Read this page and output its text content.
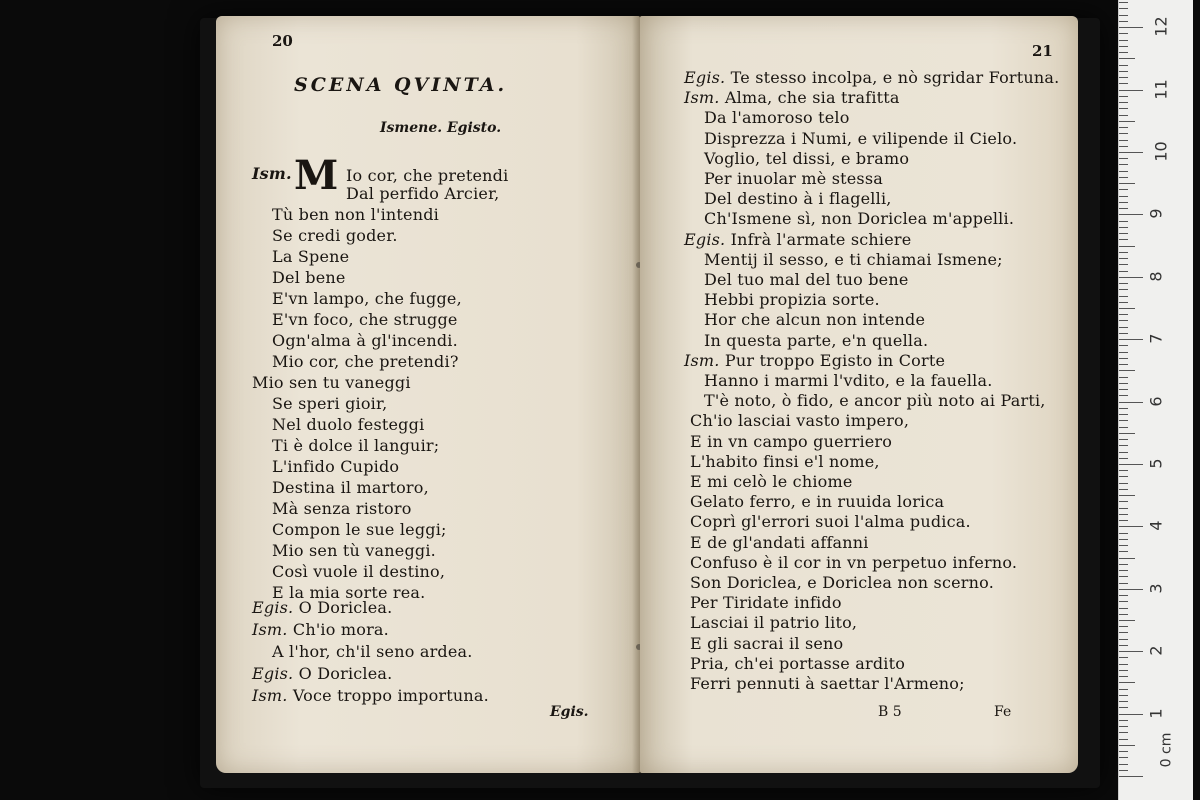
20
SCENA QVINTA.
Ismene. Egisto.
Ism. M Io cor, che pretendi
Dal perfido Arcier,
Tù ben non l'intendi
Se credi goder.
La Spene
Del bene
E'vn lampo, che fugge,
E'vn foco, che strugge
Ogn'alma à gl'incendi.
Mio cor, che pretendi?
Mio sen tu vaneggi
Se speri gioir,
Nel duolo festeggi
Ti è dolce il languir;
L'infido Cupido
Destina il martoro,
Mà senza ristoro
Compon le sue leggi;
Mio sen tù vaneggi.
Così vuole il destino,
E la mia sorte rea.
Egis. O Doriclea.
Ism. Ch'io mora.
A l'hor, ch'il seno ardea.
Egis. O Doriclea.
Ism. Voce troppo importuna.
Egis.
21
Egis. Te stesso incolpa, e nò sgridar Fortuna.
Ism. Alma, che sia trafitta
Da l'amoroso telo
Disprezza i Numi, e vilipende il Cielo.
Voglio, tel dissi, e bramo
Per inuolar mè stessa
Del destino à i flagelli,
Ch'Ismene sì, non Doriclea m'appelli.
Egis. Infrà l'armate schiere
Mentij il sesso, e ti chiamai Ismene;
Del tuo mal del tuo bene
Hebbi propizia sorte.
Hor che alcun non intende
In questa parte, e'n quella.
Ism. Pur troppo Egisto in Corte
Hanno i marmi l'vdito, e la fauella.
T'è noto, ò fido, e ancor più noto ai Parti,
Ch'io lasciai vasto impero,
E in vn campo guerriero
L'habito finsi e'l nome,
E mi celò le chiome
Gelato ferro, e in ruuida lorica
Coprì gl'errori suoi l'alma pudica.
E de gl'andati affanni
Confuso è il cor in vn perpetuo inferno.
Son Doriclea, e Doriclea non scerno.
Per Tiridate infido
Lasciai il patrio lito,
E gli sacrai il seno
Pria, ch'ei portasse ardito
Ferri pennuti à saettar l'Armeno;
B 5	Fe
12
11
10
9
8
7
6
5
4
3
2
1
0 cm
